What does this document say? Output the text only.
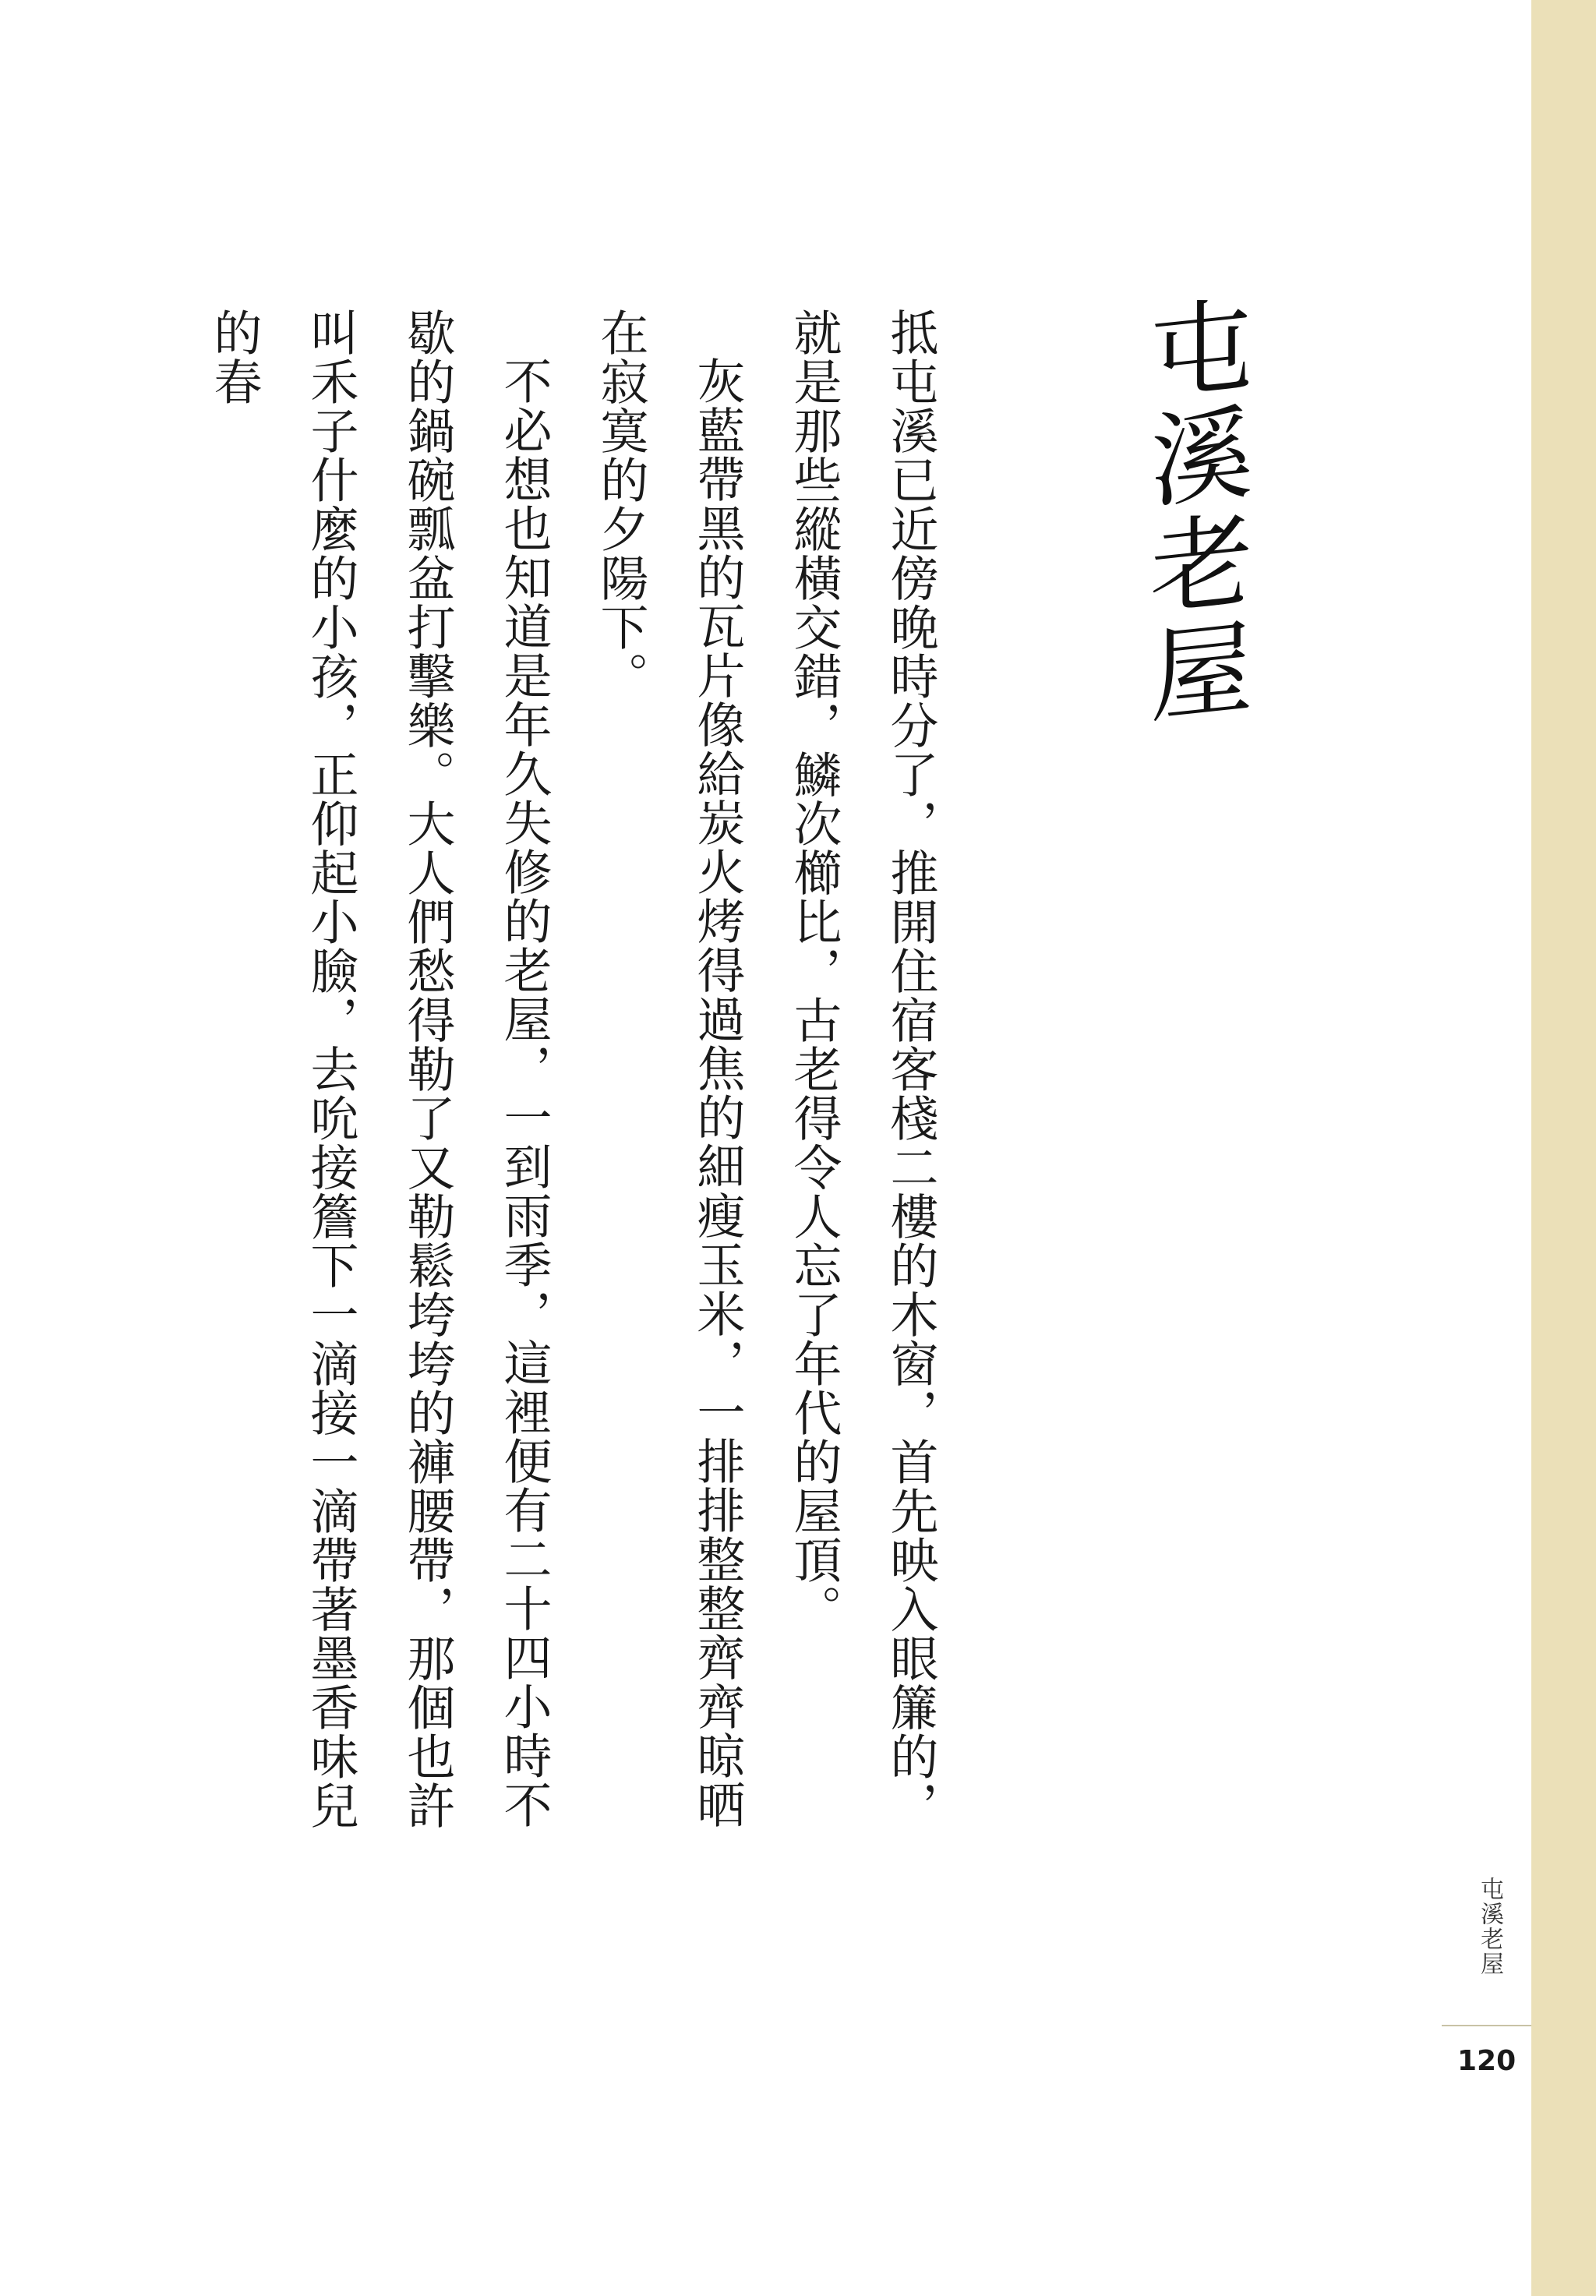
屯溪老屋

抵屯溪已近傍晚時分了，推開住宿客棧二樓的木窗，首先映入眼簾的，就是那些縱橫交錯，鱗次櫛比，古老得令人忘了年代的屋頂。

灰藍帶黑的瓦片像給炭火烤得過焦的細瘦玉米，一排排整整齊齊晾晒在寂寞的夕陽下。

不必想也知道是年久失修的老屋，一到雨季，這裡便有二十四小時不歇的鍋碗瓢盆打擊樂。大人們愁得勒了又勒鬆垮垮的褲腰帶，那個也許叫禾子什麼的小孩，正仰起小臉，去吮接簷下一滴接一滴帶著墨香味兒的春

屯溪老屋
120
